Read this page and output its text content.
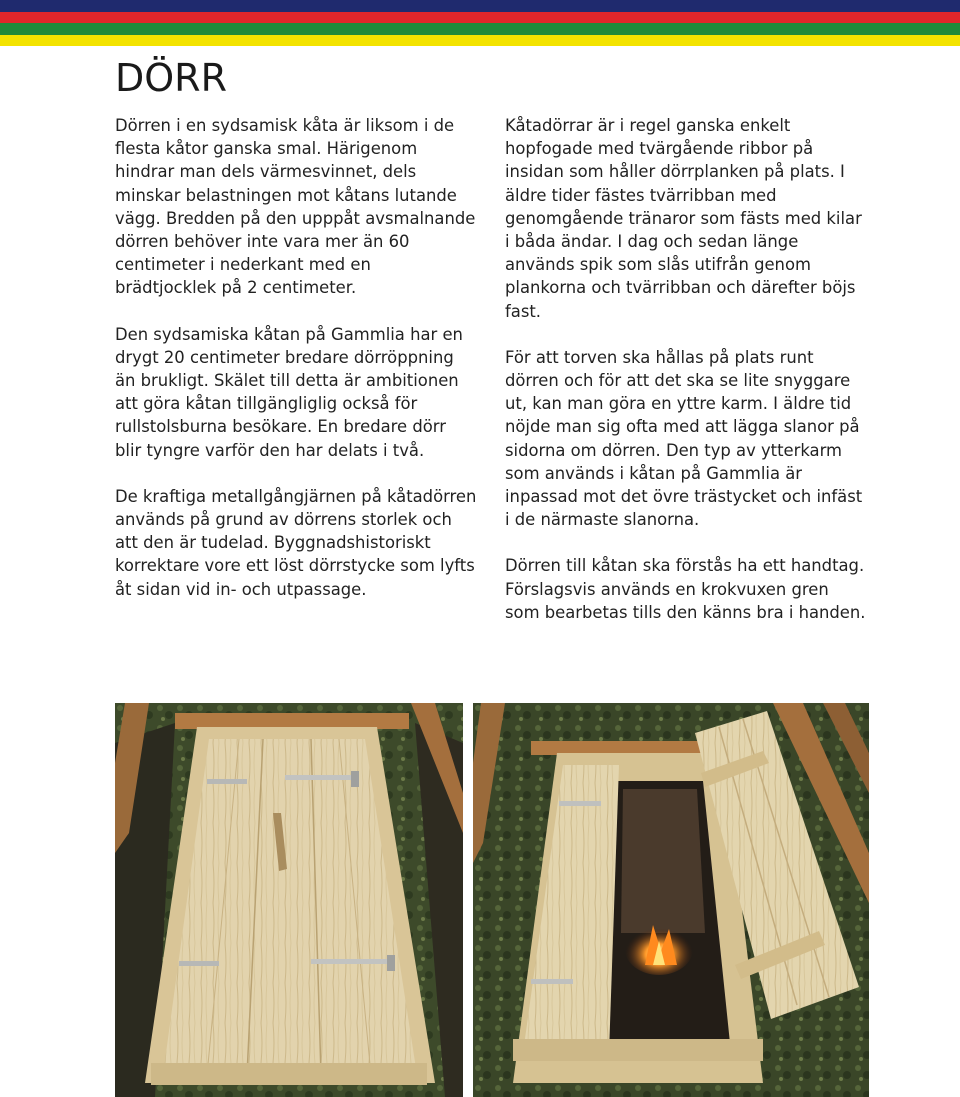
DÖRR

Dörren i en sydsamisk kåta är liksom i de flesta kåtor ganska smal. Härigenom hindrar man dels värmesvinnet, dels minskar belastningen mot kåtans lutande vägg. Bredden på den upppåt avsmalnande dörren behöver inte vara mer än 60 centimeter i nederkant med en brädtjocklek på 2 centimeter.

Den sydsamiska kåtan på Gammlia har en drygt 20 centimeter bredare dörröppning än brukligt. Skälet till detta är ambitionen att göra kåtan tillgängliglig också för rullstolsburna besökare. En bredare dörr blir tyngre varför den har delats i två.

De kraftiga metallgångjärnen på kåtadörren används på grund av dörrens storlek och att den är tudelad. Byggnadshistoriskt korrektare vore ett löst dörrstycke som lyfts åt sidan vid in- och utpassage.

Kåtadörrar är i regel ganska enkelt hopfogade med tvärgående ribbor på insidan som håller dörrplanken på plats. I äldre tider fästes tvärribban med genomgående tränaror som fästs med kilar i båda ändar. I dag och sedan länge används spik som slås utifrån genom plankorna och tvärribban och därefter böjs fast.

För att torven ska hållas på plats runt dörren och för att det ska se lite snyggare ut, kan man göra en yttre karm. I äldre tid nöjde man sig ofta med att lägga slanor på sidorna om dörren. Den typ av ytterkarm som används i kåtan på Gammlia är inpassad mot det övre trästycket och infäst i de närmaste slanorna.

Dörren till kåtan ska förstås ha ett handtag. Förslagsvis används en krokvuxen gren som bearbetas tills den känns bra i handen.
